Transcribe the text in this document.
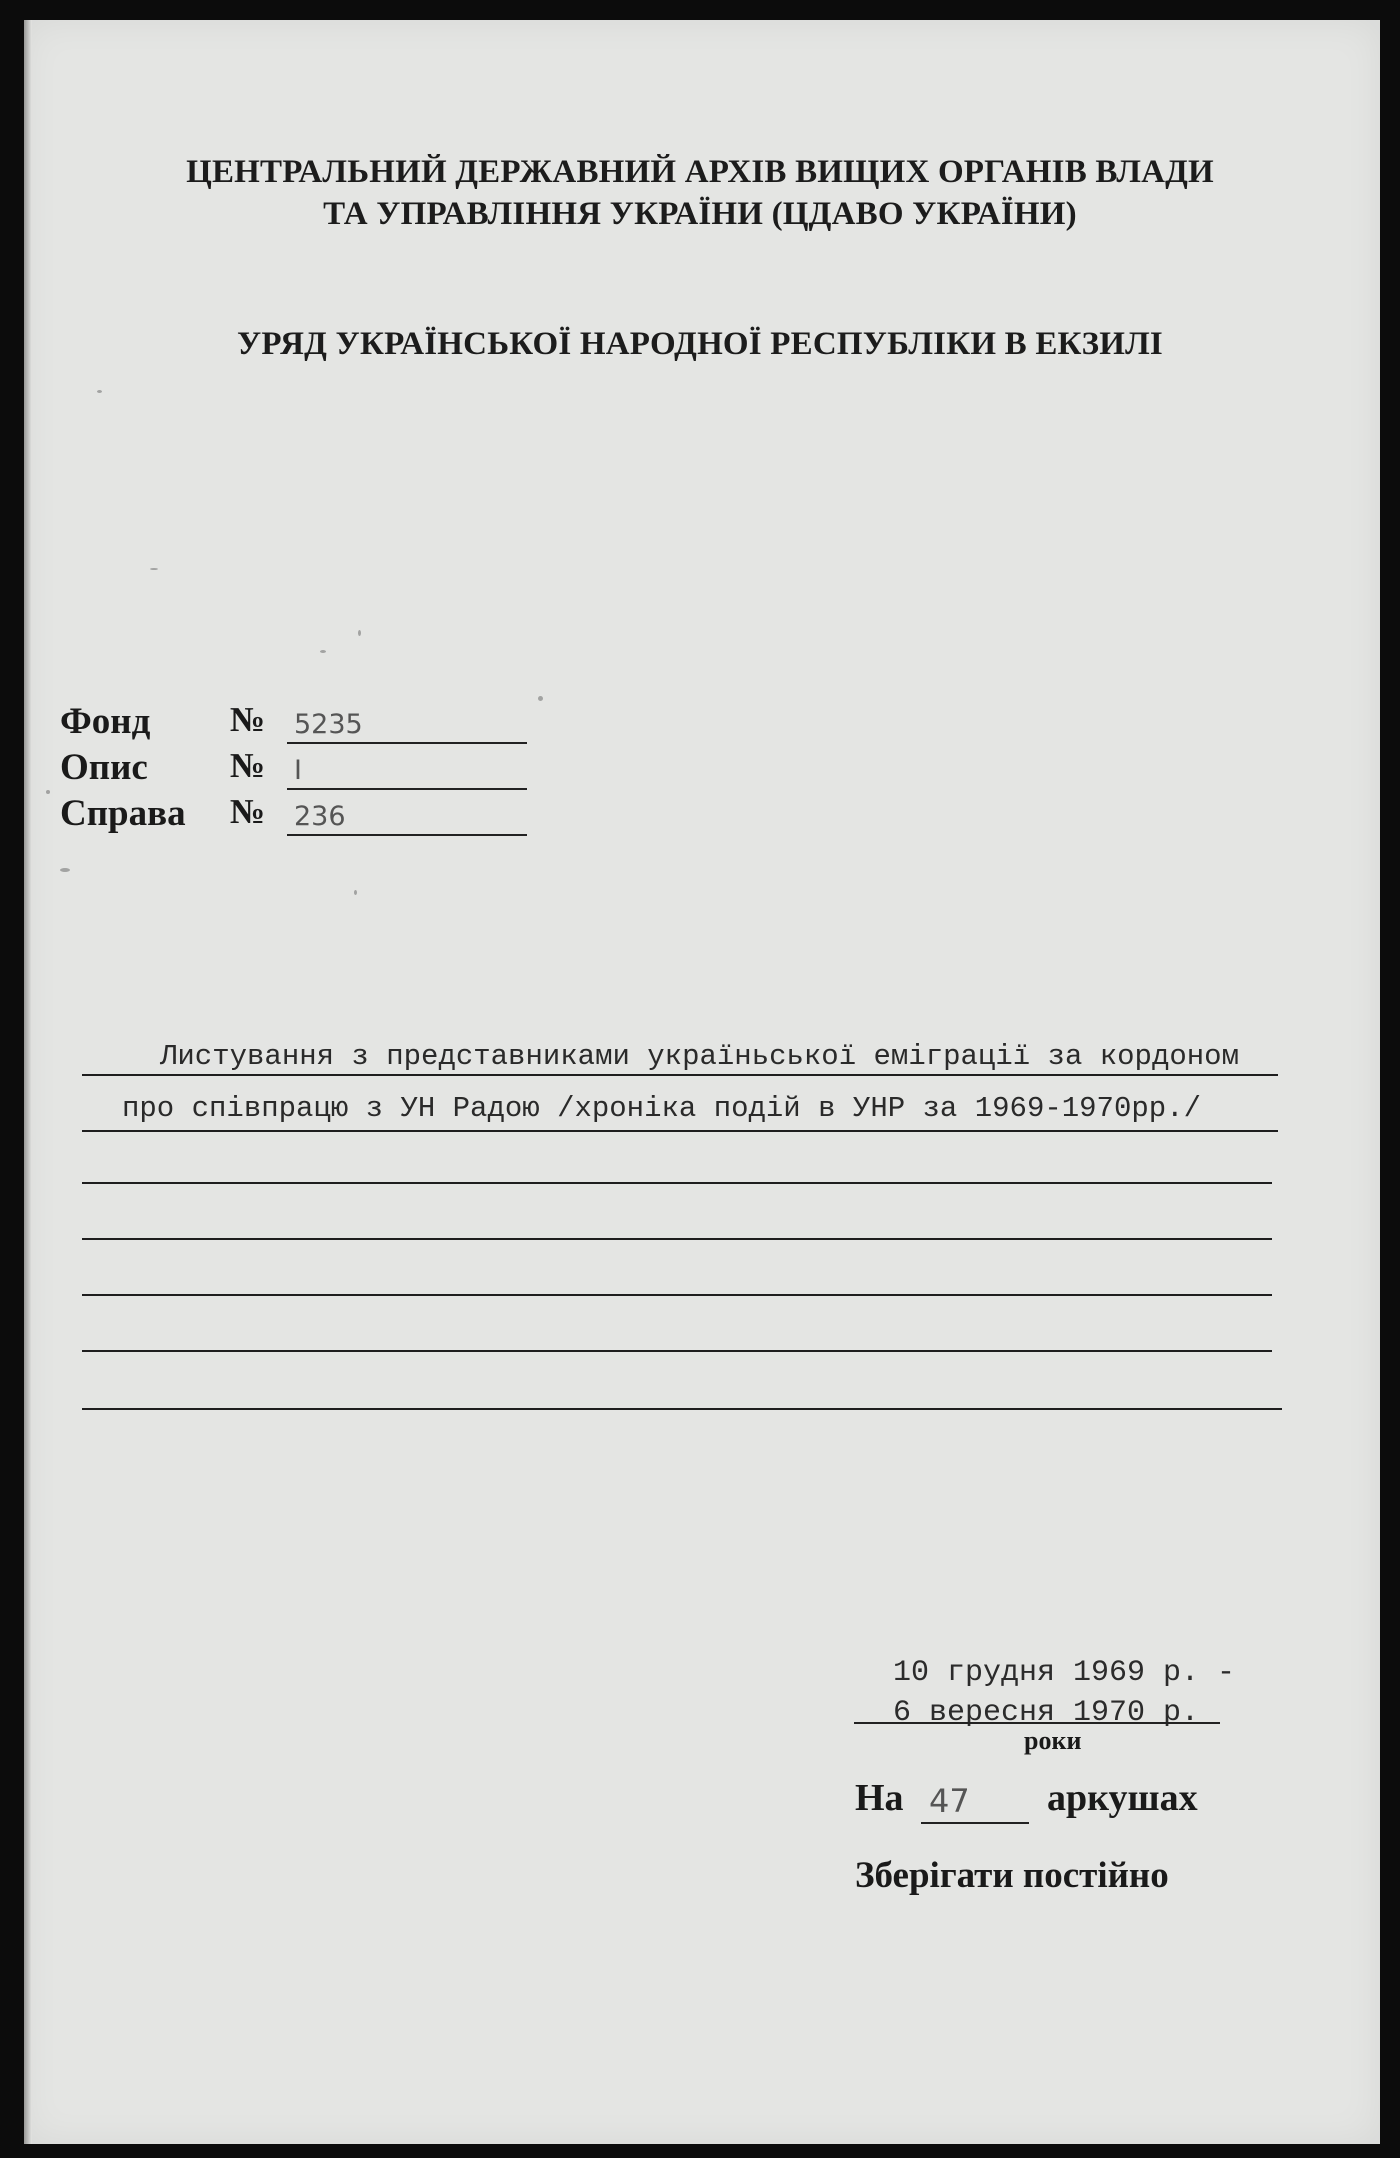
ЦЕНТРАЛЬНИЙ ДЕРЖАВНИЙ АРХІВ ВИЩИХ ОРГАНІВ ВЛАДИ
ТА УПРАВЛІННЯ УКРАЇНИ (ЦДАВО УКРАЇНИ)
УРЯД УКРАЇНСЬКОЇ НАРОДНОЇ РЕСПУБЛІКИ В ЕКЗИЛІ
Фонд № 5235
Опис № I
Справа № 236
Листування з представниками україньської еміграції за кордоном
про співпрацю з УН Радою /хроніка подій в УНР за 1969-1970рр./
10 грудня 1969 р. -
6 вересня 1970 р.
роки
На 47 аркушах
Зберігати постійно
